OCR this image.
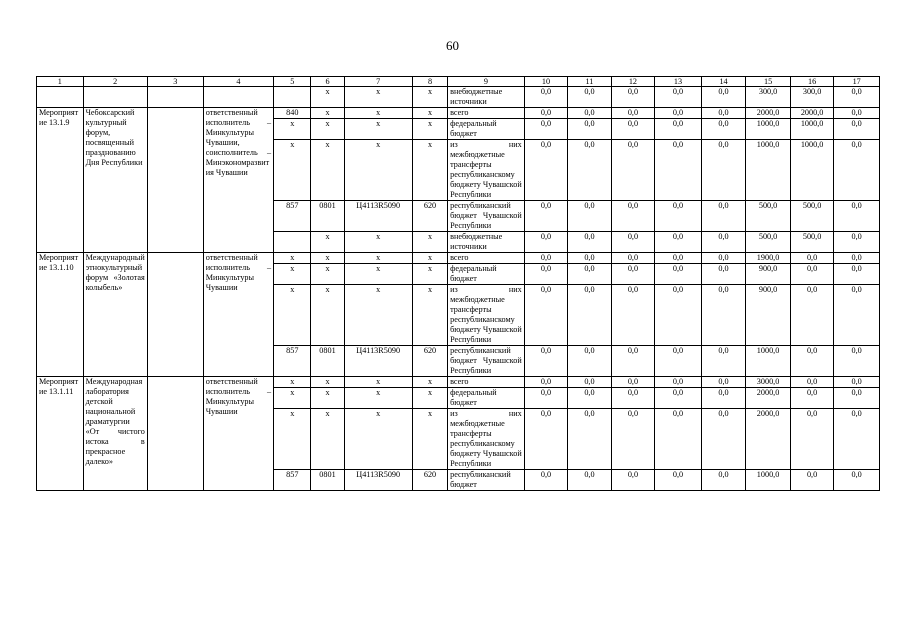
60
1	2	3	4	5	6	7	8	9	10	11	12	13	14	15	16	17
					x	x	x	внебюджетные источники	0,0	0,0	0,0	0,0	0,0	300,0	300,0	0,0
Мероприятие 13.1.9	Чебоксарский культурный форум, посвященный празднованию Дня Республики		ответственный исполнитель – Минкультуры Чувашии, соисполнитель – Минэкономразвития Чувашии	840	x	x	x	всего	0,0	0,0	0,0	0,0	0,0	2000,0	2000,0	0,0
				x	x	x	x	федеральный бюджет	0,0	0,0	0,0	0,0	0,0	1000,0	1000,0	0,0
				x	x	x	x	из них межбюджетные трансферты республиканскому бюджету Чувашской Республики	0,0	0,0	0,0	0,0	0,0	1000,0	1000,0	0,0
				857	0801	Ц4113R5090	620	республиканский бюджет Чувашской Республики	0,0	0,0	0,0	0,0	0,0	500,0	500,0	0,0
					x	x	x	внебюджетные источники	0,0	0,0	0,0	0,0	0,0	500,0	500,0	0,0
Мероприятие 13.1.10	Международный этнокультурный форум «Золотая колыбель»		ответственный исполнитель – Минкультуры Чувашии	x	x	x	x	всего	0,0	0,0	0,0	0,0	0,0	1900,0	0,0	0,0
				x	x	x	x	федеральный бюджет	0,0	0,0	0,0	0,0	0,0	900,0	0,0	0,0
				x	x	x	x	из них межбюджетные трансферты республиканскому бюджету Чувашской Республики	0,0	0,0	0,0	0,0	0,0	900,0	0,0	0,0
				857	0801	Ц4113R5090	620	республиканский бюджет Чувашской Республики	0,0	0,0	0,0	0,0	0,0	1000,0	0,0	0,0
Мероприятие 13.1.11	Международная лаборатория детской национальной драматургии «От чистого истока в прекрасное далеко»		ответственный исполнитель – Минкультуры Чувашии	x	x	x	x	всего	0,0	0,0	0,0	0,0	0,0	3000,0	0,0	0,0
				x	x	x	x	федеральный бюджет	0,0	0,0	0,0	0,0	0,0	2000,0	0,0	0,0
				x	x	x	x	из них межбюджетные трансферты республиканскому бюджету Чувашской Республики	0,0	0,0	0,0	0,0	0,0	2000,0	0,0	0,0
				857	0801	Ц4113R5090	620	республиканский бюджет	0,0	0,0	0,0	0,0	0,0	1000,0	0,0	0,0
